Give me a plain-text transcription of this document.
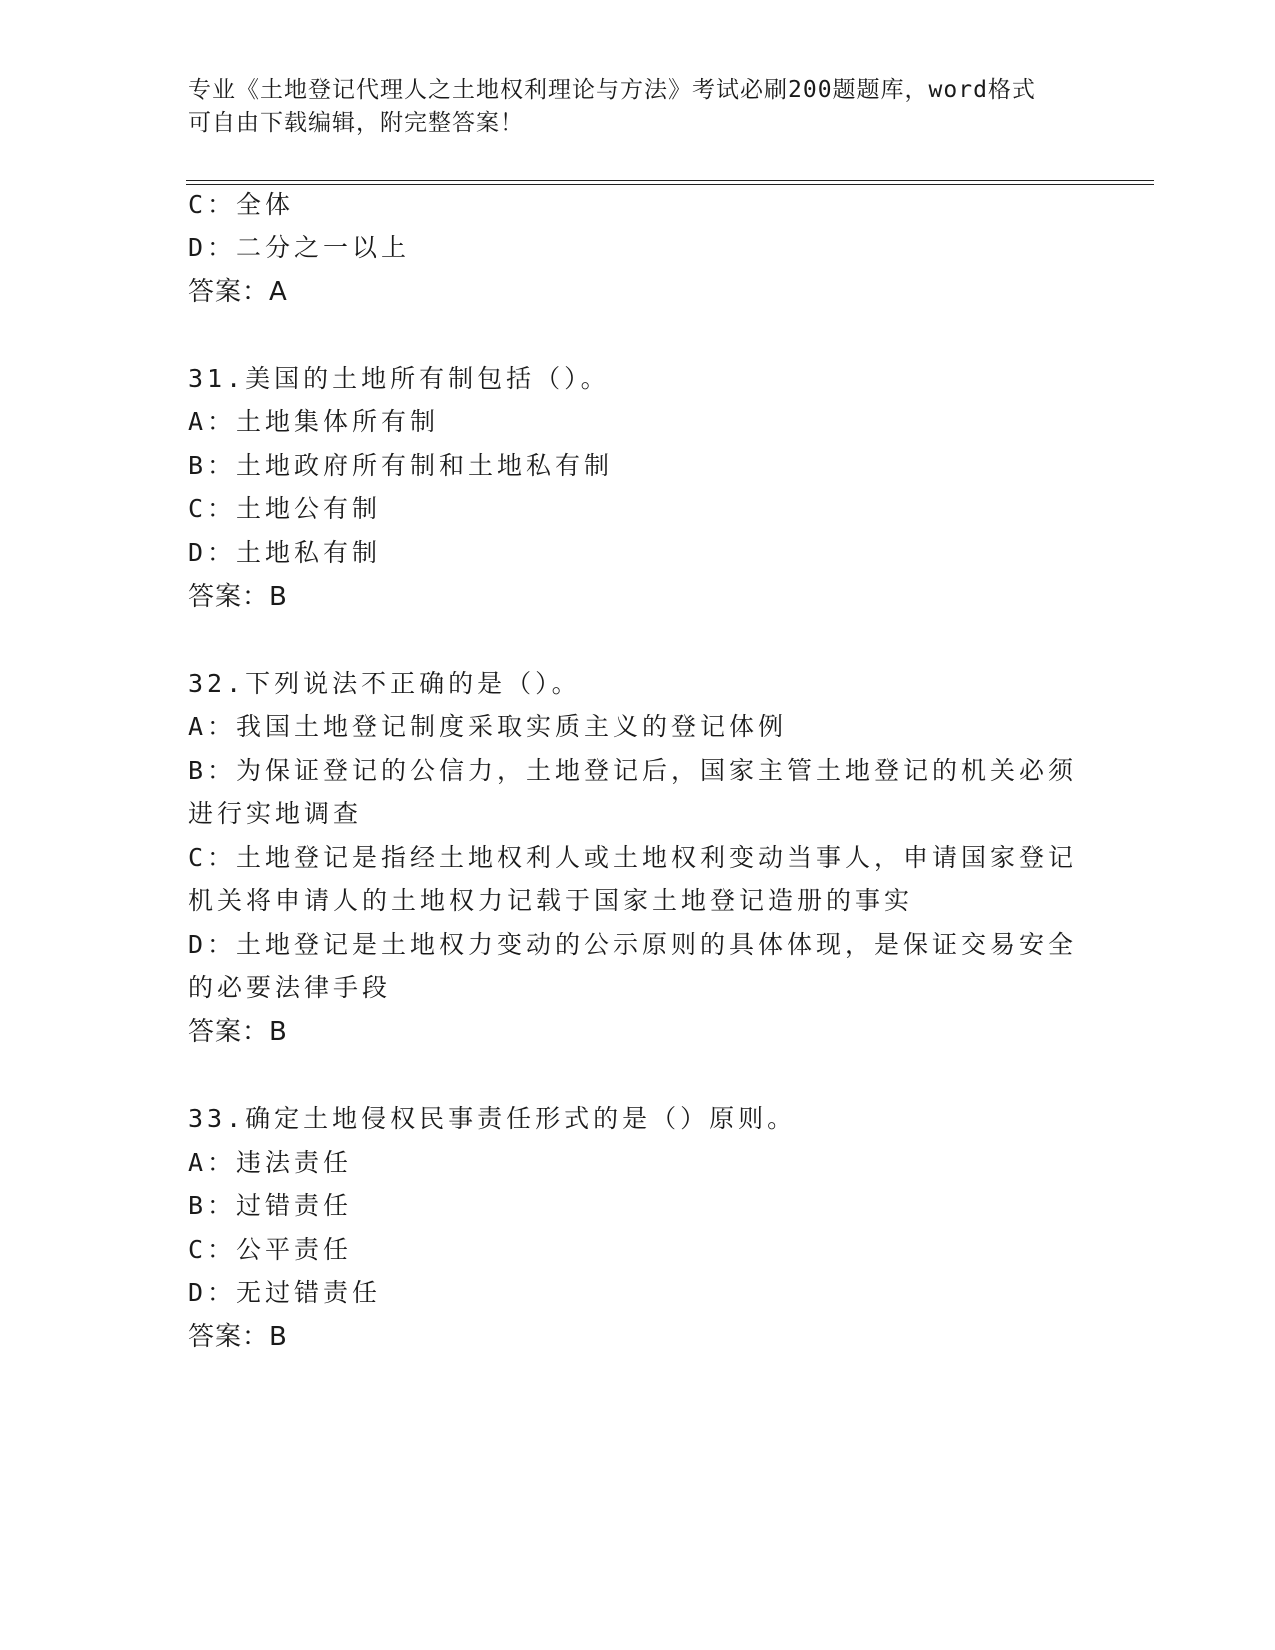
专业《土地登记代理人之土地权利理论与方法》考试必刷200题题库，word格式
可自由下载编辑，附完整答案！
C：全体
D：二分之一以上
答案：A
31.美国的土地所有制包括（）。
A：土地集体所有制
B：土地政府所有制和土地私有制
C：土地公有制
D：土地私有制
答案：B
32.下列说法不正确的是（）。
A：我国土地登记制度采取实质主义的登记体例
B：为保证登记的公信力，土地登记后，国家主管土地登记的机关必须
进行实地调查
C：土地登记是指经土地权利人或土地权利变动当事人，申请国家登记
机关将申请人的土地权力记载于国家土地登记造册的事实
D：土地登记是土地权力变动的公示原则的具体体现，是保证交易安全
的必要法律手段
答案：B
33.确定土地侵权民事责任形式的是（）原则。
A：违法责任
B：过错责任
C：公平责任
D：无过错责任
答案：B
